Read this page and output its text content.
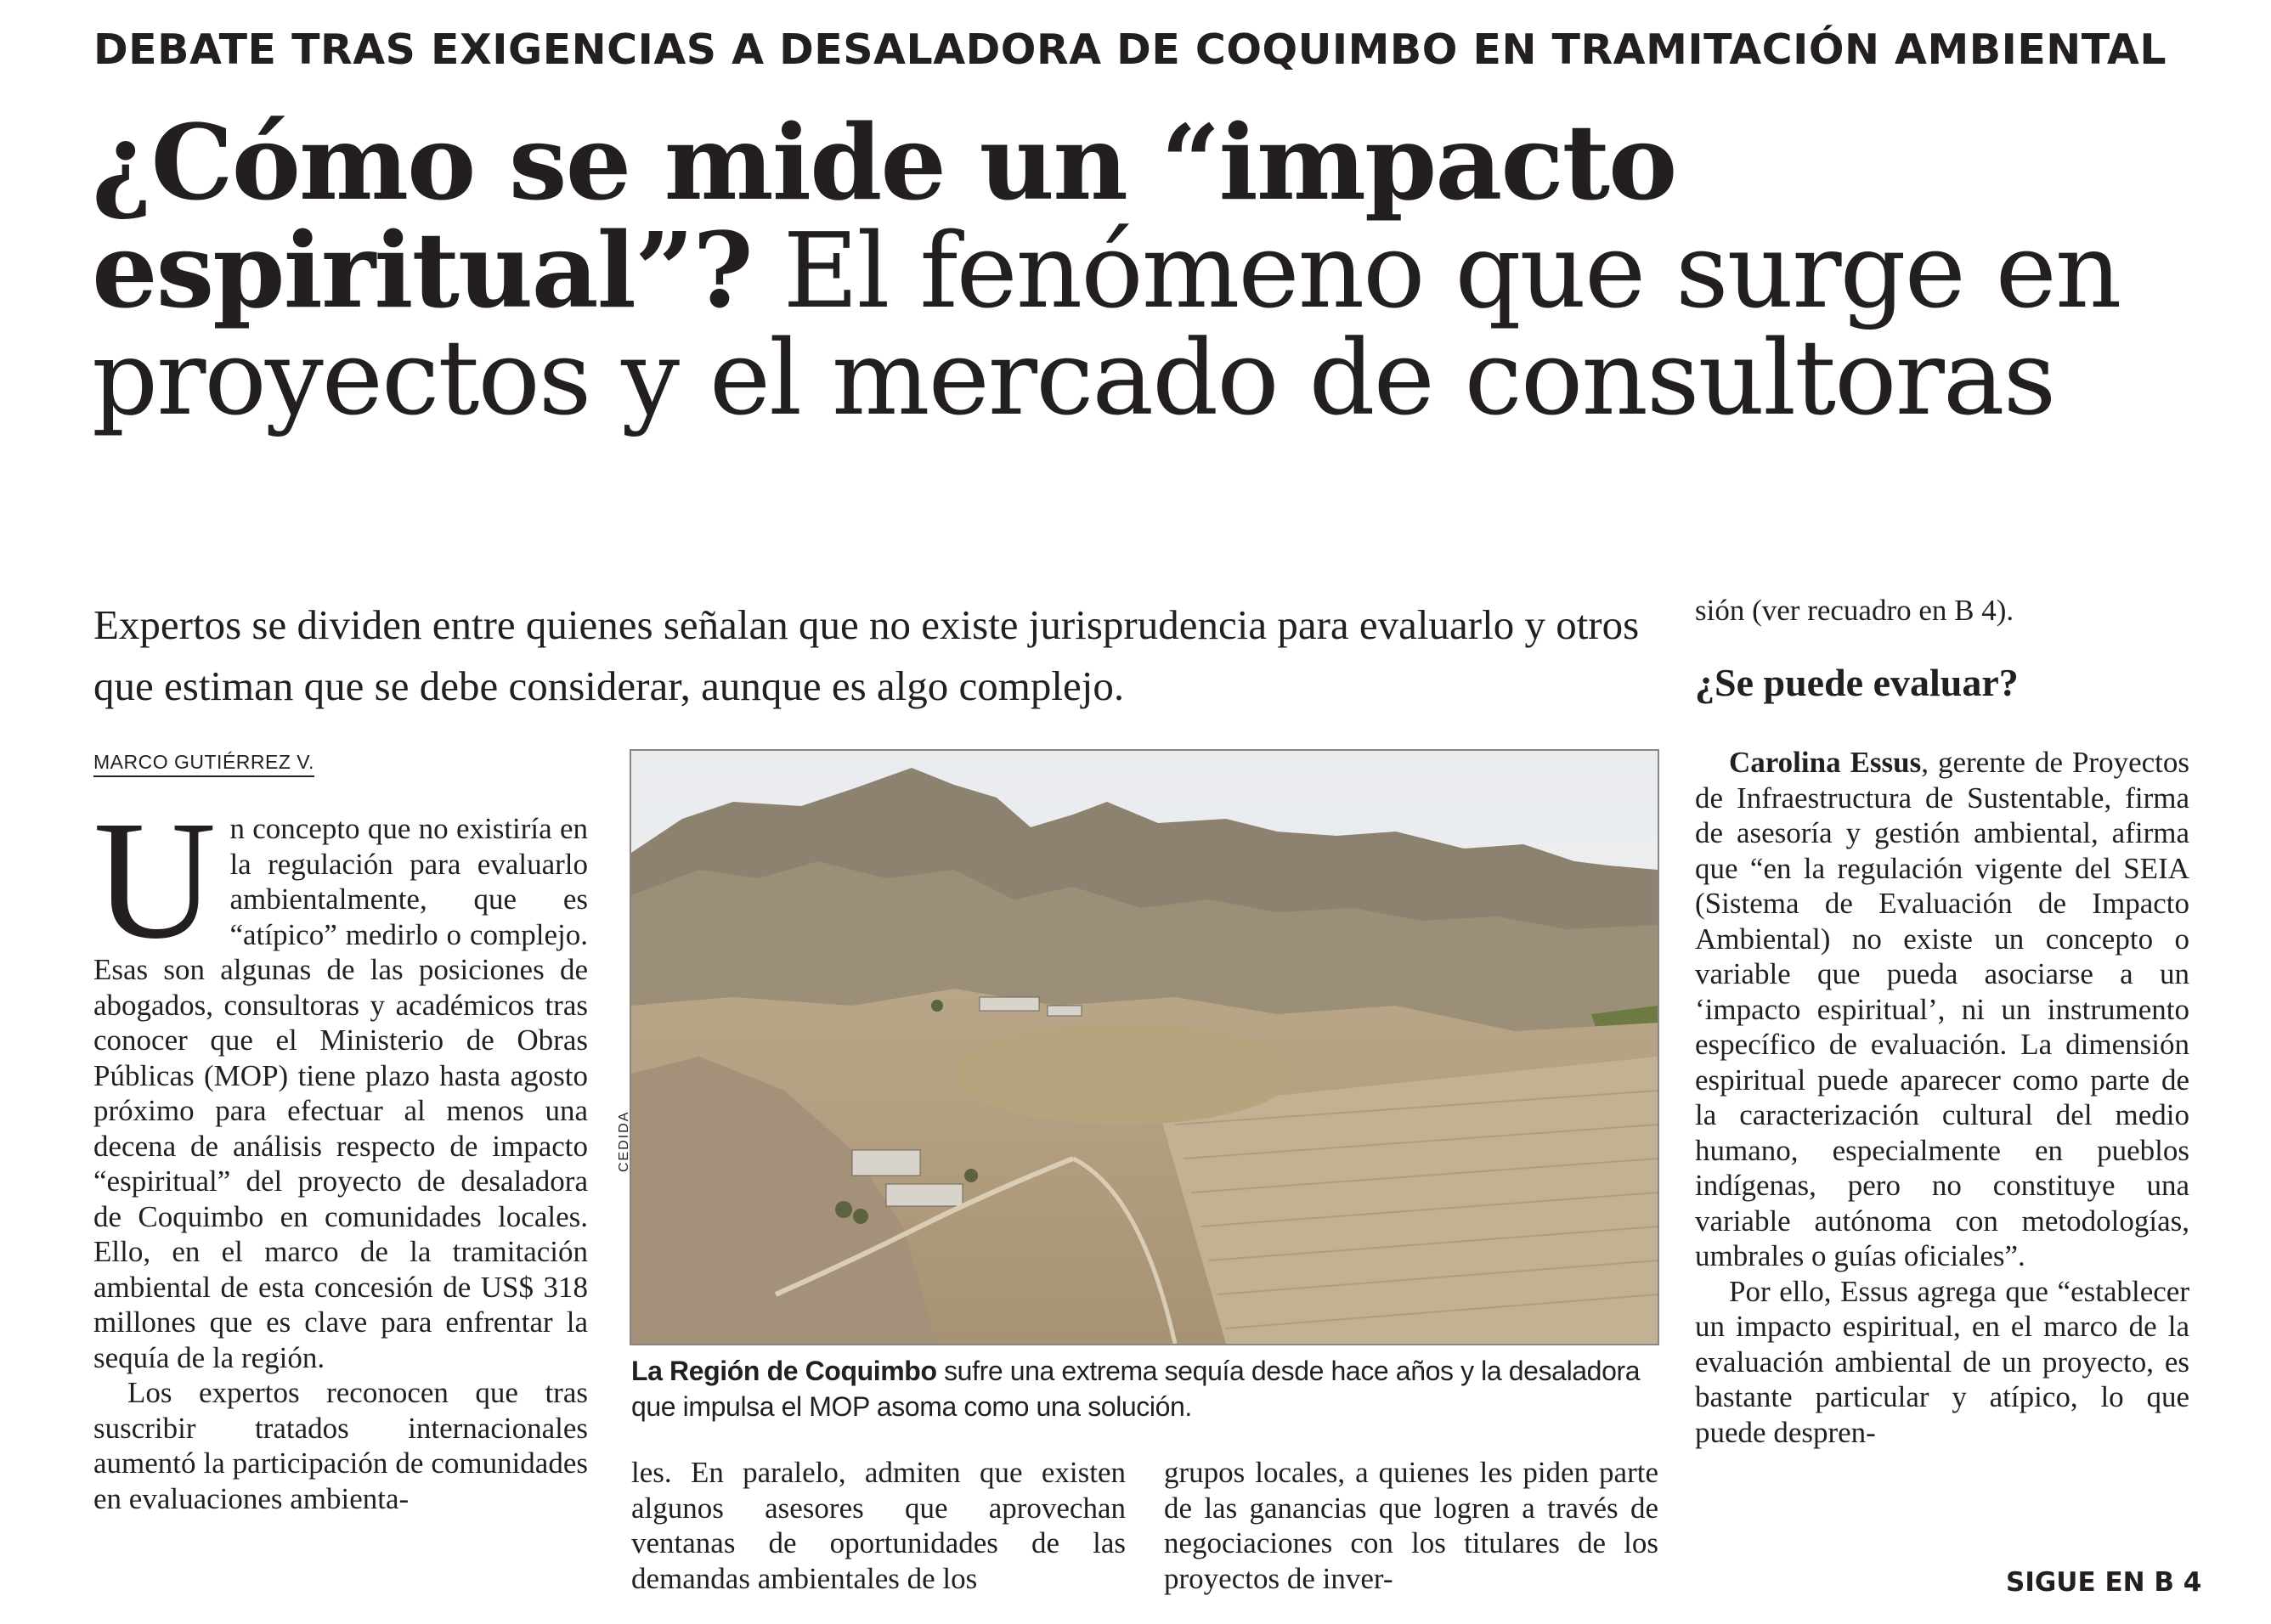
DEBATE TRAS EXIGENCIAS A DESALADORA DE COQUIMBO EN TRAMITACIÓN AMBIENTAL
¿Cómo se mide un “impacto
espiritual”? El fenómeno que surge en
proyectos y el mercado de consultoras
Expertos se dividen entre quienes señalan que no existe jurisprudencia para evaluarlo y otros que estiman que se debe considerar, aunque es algo complejo.
sión (ver recuadro en B 4).
¿Se puede evaluar?
MARCO GUTIÉRREZ V.

Un concepto que no existiría en la regulación para evaluarlo ambientalmente, que es “atípico” medirlo o complejo. Esas son algunas de las posiciones de abogados, consultoras y académicos tras conocer que el Ministerio de Obras Públicas (MOP) tiene plazo hasta agosto próximo para efectuar al menos una decena de análisis respecto de impacto “espiritual” del proyecto de desaladora de Coquimbo en comunidades locales. Ello, en el marco de la tramitación ambiental de esta concesión de US$ 318 millones que es clave para enfrentar la sequía de la región.

Los expertos reconocen que tras suscribir tratados internacionales aumentó la participación de comunidades en evaluaciones ambienta-

CEDIDA
La Región de Coquimbo sufre una extrema sequía desde hace años y la desaladora que impulsa el MOP asoma como una solución.

les. En paralelo, admiten que existen algunos asesores que aprovechan ventanas de oportunidades de las demandas ambientales de los

grupos locales, a quienes les piden parte de las ganancias que logren a través de negociaciones con los titulares de los proyectos de inver-

Carolina Essus, gerente de Proyectos de Infraestructura de Sustentable, firma de asesoría y gestión ambiental, afirma que “en la regulación vigente del SEIA (Sistema de Evaluación de Impacto Ambiental) no existe un concepto o variable que pueda asociarse a un ‘impacto espiritual’, ni un instrumento específico de evaluación. La dimensión espiritual puede aparecer como parte de la caracterización cultural del medio humano, especialmente en pueblos indígenas, pero no constituye una variable autónoma con metodologías, umbrales o guías oficiales”.

Por ello, Essus agrega que “establecer un impacto espiritual, en el marco de la evaluación ambiental de un proyecto, es bastante particular y atípico, lo que puede despren-

SIGUE EN B 4
